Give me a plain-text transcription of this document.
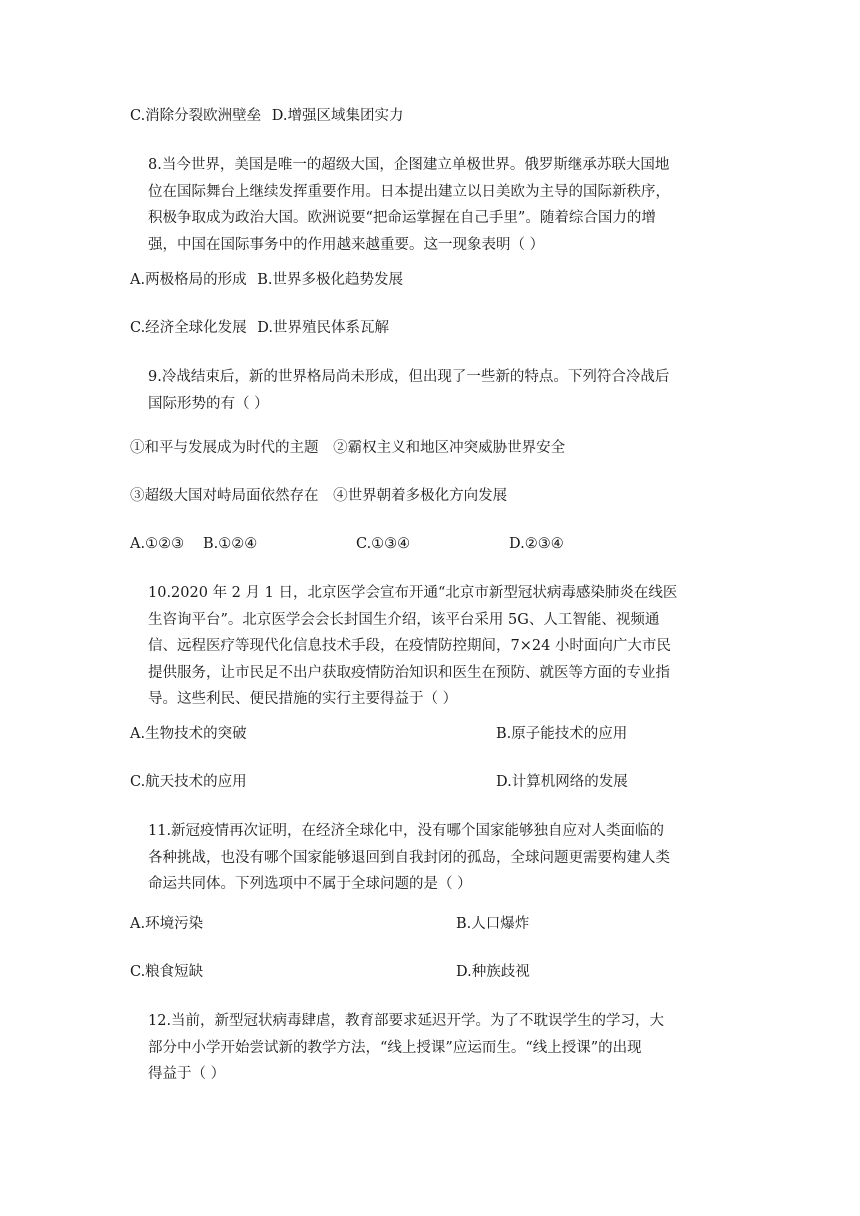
C.消除分裂欧洲壁垒 D.增强区域集团实力
8.当今世界，美国是唯一的超级大国，企图建立单极世界。俄罗斯继承苏联大国地
位在国际舞台上继续发挥重要作用。日本提出建立以日美欧为主导的国际新秩序，
积极争取成为政治大国。欧洲说要“把命运掌握在自己手里”。随着综合国力的增
强，中国在国际事务中的作用越来越重要。这一现象表明（ ）
A.两极格局的形成 B.世界多极化趋势发展
C.经济全球化发展 D.世界殖民体系瓦解
9.冷战结束后，新的世界格局尚未形成，但出现了一些新的特点。下列符合冷战后
国际形势的有（ ）
①和平与发展成为时代的主题 ②霸权主义和地区冲突威胁世界安全
③超级大国对峙局面依然存在 ④世界朝着多极化方向发展
A.①②③ B.①②④	C.①③④	D.②③④
10.2020 年 2 月 1 日，北京医学会宣布开通“北京市新型冠状病毒感染肺炎在线医
生咨询平台”。北京医学会会长封国生介绍，该平台采用 5G、人工智能、视频通
信、远程医疗等现代化信息技术手段，在疫情防控期间，7×24 小时面向广大市民
提供服务，让市民足不出户获取疫情防治知识和医生在预防、就医等方面的专业指
导。这些利民、便民措施的实行主要得益于（ ）
A.生物技术的突破	B.原子能技术的应用
C.航天技术的应用	D.计算机网络的发展
11.新冠疫情再次证明，在经济全球化中，没有哪个国家能够独自应对人类面临的
各种挑战，也没有哪个国家能够退回到自我封闭的孤岛，全球问题更需要构建人类
命运共同体。下列选项中不属于全球问题的是（ ）
A.环境污染	B.人口爆炸
C.粮食短缺	D.种族歧视
12.当前，新型冠状病毒肆虐，教育部要求延迟开学。为了不耽误学生的学习，大
部分中小学开始尝试新的教学方法，“线上授课”应运而生。“线上授课”的出现
得益于（ ）
